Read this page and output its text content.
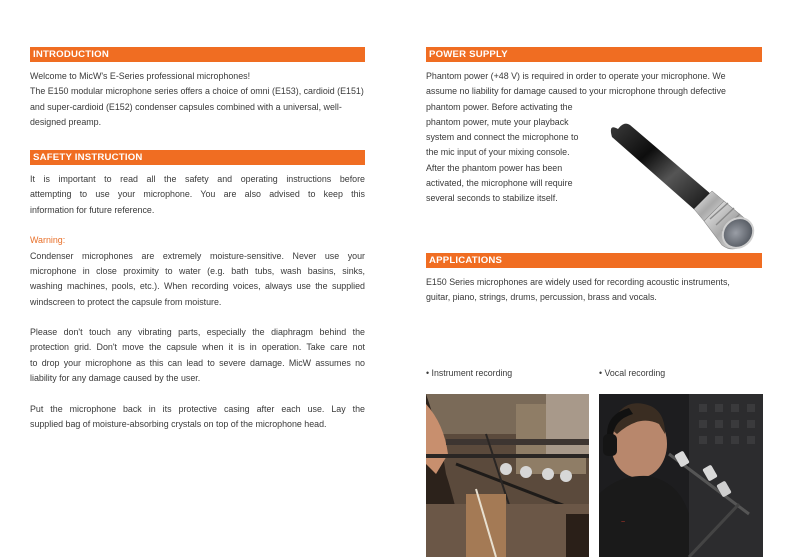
INTRODUCTION

Welcome to MicW's E-Series professional microphones!

The E150 modular microphone series offers a choice of omni (E153), cardioid (E151)

and super-cardioid (E152) condenser capsules combined with a universal, well-

designed preamp.

SAFETY INSTRUCTION

It is important to read all the safety and operating instructions before

attempting to use your microphone. You are also advised to keep this

information for future reference.

Warning:

Condenser microphones are extremely moisture-sensitive. Never use your

microphone in close proximity to water (e.g. bath tubs, wash basins, sinks,

washing machines, pools, etc.). When recording voices, always use the supplied

windscreen to protect the capsule from moisture.

Please don't touch any vibrating parts, especially the diaphragm behind the

protection grid. Don't move the capsule when it is in operation. Take care not

to drop your microphone as this can lead to severe damage. MicW assumes no

liability for any damage caused by the user.

Put the microphone back in its protective casing after each use. Lay the

supplied bag of moisture-absorbing crystals on top of the microphone head.

POWER SUPPLY

Phantom power (+48 V) is required in order to operate your microphone. We

assume no liability for damage caused to your microphone through defective

phantom power. Before activating the

phantom power, mute your playback

system and connect the microphone to

the mic input of your mixing console.

After the phantom power has been

activated, the microphone will require

several seconds to stabilize itself.

APPLICATIONS

E150 Series microphones are widely used for recording acoustic instruments,

guitar, piano, strings, drums, percussion, brass and vocals.

• Instrument recording	• Vocal recording
~
